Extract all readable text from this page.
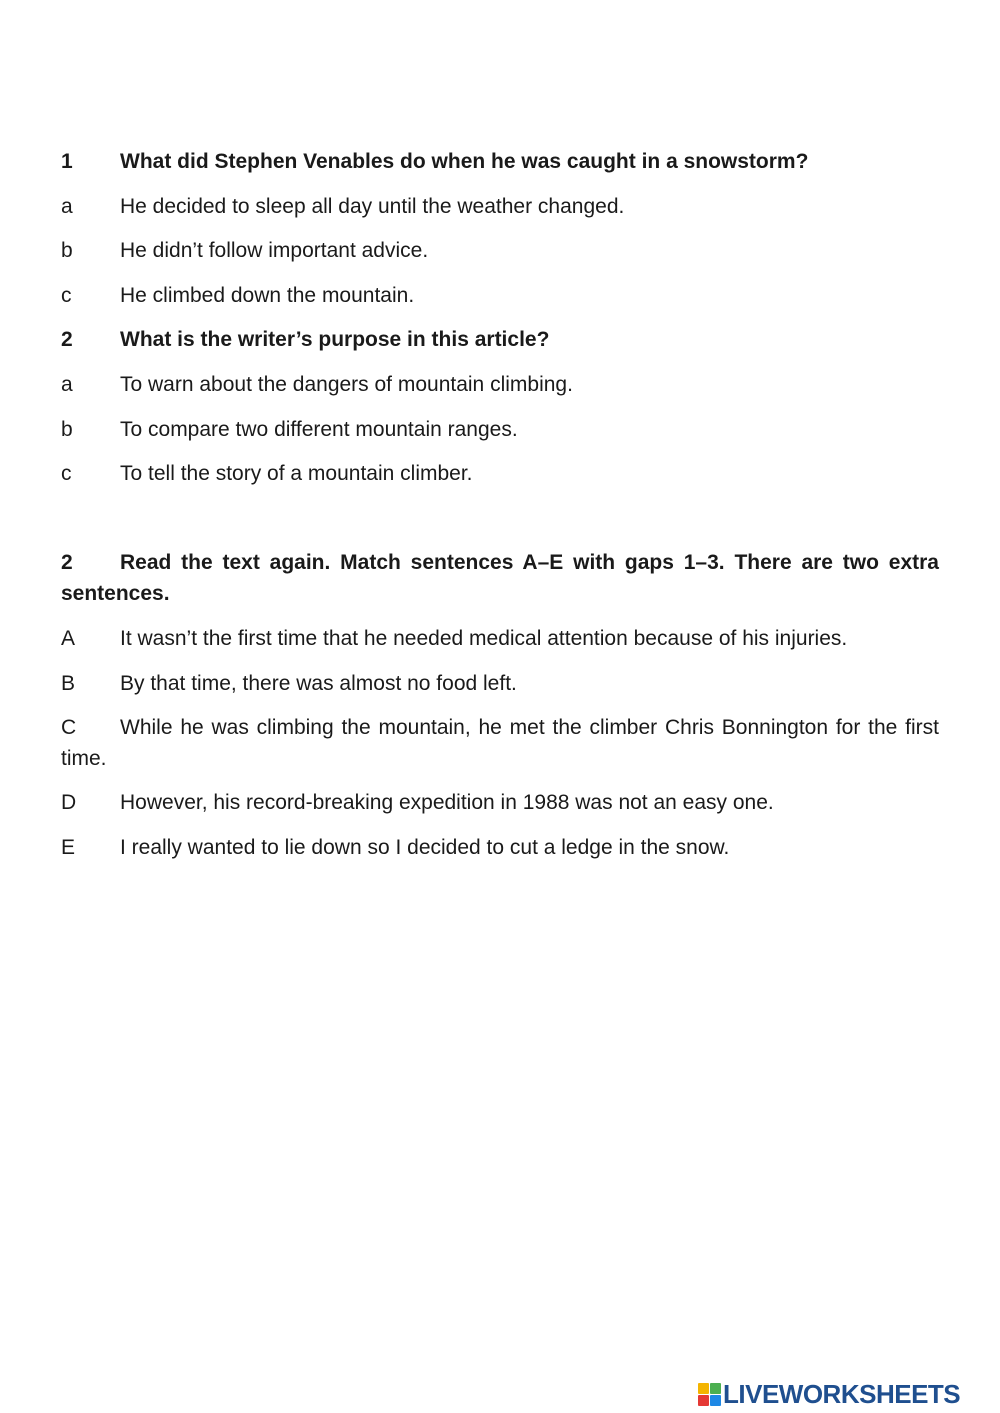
1 What did Stephen Venables do when he was caught in a snowstorm?
a He decided to sleep all day until the weather changed.
b He didn’t follow important advice.
c He climbed down the mountain.
2 What is the writer’s purpose in this article?
a To warn about the dangers of mountain climbing.
b To compare two different mountain ranges.
c To tell the story of a mountain climber.
2 Read the text again. Match sentences A–E with gaps 1–3. There are two extra sentences.
A It wasn’t the first time that he needed medical attention because of his injuries.
B By that time, there was almost no food left.
C While he was climbing the mountain, he met the climber Chris Bonnington for the first time.
D However, his record-breaking expedition in 1988 was not an easy one.
E I really wanted to lie down so I decided to cut a ledge in the snow.
LIVEWORKSHEETS
